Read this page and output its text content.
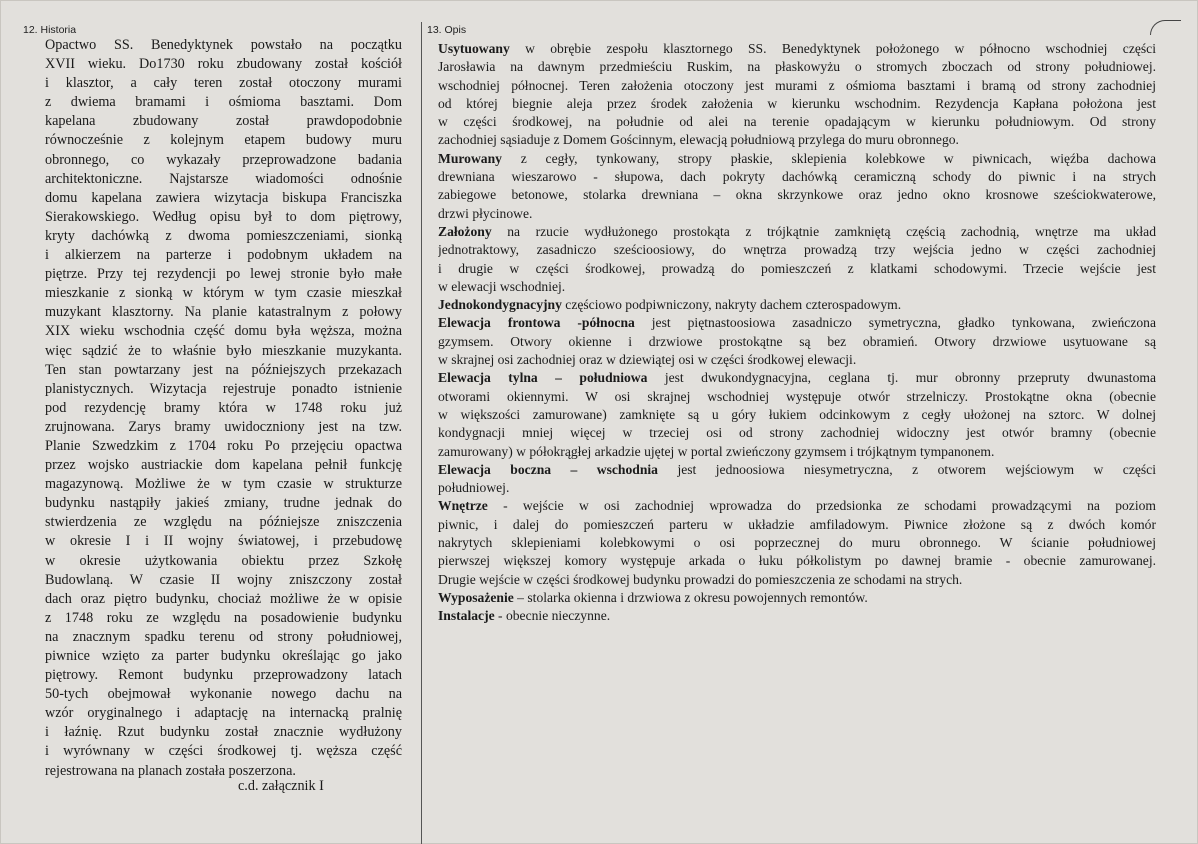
12. Historia	13. Opis
Opactwo SS. Benedyktynek powstało na początku
XVII wieku. Do1730 roku zbudowany został kościół
i klasztor, a cały teren został otoczony murami
z dwiema bramami i ośmioma basztami. Dom
kapelana zbudowany został prawdopodobnie
równocześnie z kolejnym etapem budowy muru
obronnego, co wykazały przeprowadzone badania
architektoniczne. Najstarsze wiadomości odnośnie
domu kapelana zawiera wizytacja biskupa Franciszka
Sierakowskiego. Według opisu był to dom piętrowy,
kryty dachówką z dwoma pomieszczeniami, sionką
i alkierzem na parterze i podobnym układem na
piętrze. Przy tej rezydencji po lewej stronie było małe
mieszkanie z sionką w którym w tym czasie mieszkał
muzykant klasztorny. Na planie katastralnym z połowy
XIX wieku wschodnia część domu była węższa, można
więc sądzić że to właśnie było mieszkanie muzykanta.
Ten stan powtarzany jest na późniejszych przekazach
planistycznych. Wizytacja rejestruje ponadto istnienie
pod rezydencję bramy która w 1748 roku już
zrujnowana. Zarys bramy uwidoczniony jest na tzw.
Planie Szwedzkim z 1704 roku Po przejęciu opactwa
przez wojsko austriackie dom kapelana pełnił funkcję
magazynową. Możliwe że w tym czasie w strukturze
budynku nastąpiły jakieś zmiany, trudne jednak do
stwierdzenia ze względu na późniejsze zniszczenia
w okresie I i II wojny światowej, i przebudowę
w okresie użytkowania obiektu przez Szkołę
Budowlaną. W czasie II wojny zniszczony został
dach oraz piętro budynku, chociaż możliwe że w opisie
z 1748 roku ze względu na posadowienie budynku
na znacznym spadku terenu od strony południowej,
piwnice wzięto za parter budynku określając go jako
piętrowy. Remont budynku przeprowadzony latach
50-tych obejmował wykonanie nowego dachu na
wzór oryginalnego i adaptację na internacką pralnię
i łaźnię. Rzut budynku został znacznie wydłużony
i wyrównany w części środkowej tj. węższa część
rejestrowana na planach została poszerzona.
Usytuowany w obrębie zespołu klasztornego SS. Benedyktynek położonego w północno wschodniej części
Jarosławia na dawnym przedmieściu Ruskim, na płaskowyżu o stromych zboczach od strony południowej.
wschodniej północnej. Teren założenia otoczony jest murami z ośmioma basztami i bramą od strony zachodniej
od której biegnie aleja przez środek założenia w kierunku wschodnim. Rezydencja Kapłana położona jest
w części środkowej, na południe od alei na terenie opadającym w kierunku południowym. Od strony
zachodniej sąsiaduje z Domem Gościnnym, elewacją południową przylega do muru obronnego.
Murowany z cegły, tynkowany, stropy płaskie, sklepienia kolebkowe w piwnicach, więźba dachowa
drewniana wieszarowo - słupowa, dach pokryty dachówką ceramiczną schody do piwnic i na strych
zabiegowe betonowe, stolarka drewniana – okna skrzynkowe oraz jedno okno krosnowe sześciokwaterowe,
drzwi płycinowe.
Założony na rzucie wydłużonego prostokąta z trójkątnie zamkniętą częścią zachodnią, wnętrze ma układ
jednotraktowy, zasadniczo sześcioosiowy, do wnętrza prowadzą trzy wejścia jedno w części zachodniej
i drugie w części środkowej, prowadzą do pomieszczeń z klatkami schodowymi. Trzecie wejście jest
w elewacji wschodniej.
Jednokondygnacyjny częściowo podpiwniczony, nakryty dachem czterospadowym.
Elewacja frontowa -północna jest piętnastoosiowa zasadniczo symetryczna, gładko tynkowana, zwieńczona
gzymsem. Otwory okienne i drzwiowe prostokątne są bez obramień. Otwory drzwiowe usytuowane są
w skrajnej osi zachodniej oraz w dziewiątej osi w części środkowej elewacji.
Elewacja tylna – południowa jest dwukondygnacyjna, ceglana tj. mur obronny przepruty dwunastoma
otworami okiennymi. W osi skrajnej wschodniej występuje otwór strzelniczy. Prostokątne okna (obecnie
w większości zamurowane) zamknięte są u góry łukiem odcinkowym z cegły ułożonej na sztorc. W dolnej
kondygnacji mniej więcej w trzeciej osi od strony zachodniej widoczny jest otwór bramny (obecnie
zamurowany) w półokrągłej arkadzie ujętej w portal zwieńczony gzymsem i trójkątnym tympanonem.
Elewacja boczna – wschodnia jest jednoosiowa niesymetryczna, z otworem wejściowym w części
południowej.
Wnętrze - wejście w osi zachodniej wprowadza do przedsionka ze schodami prowadzącymi na poziom
piwnic, i dalej do pomieszczeń parteru w układzie amfiladowym. Piwnice złożone są z dwóch komór
nakrytych sklepieniami kolebkowymi o osi poprzecznej do muru obronnego. W ścianie południowej
pierwszej większej komory występuje arkada o łuku półkolistym po dawnej bramie - obecnie zamurowanej.
Drugie wejście w części środkowej budynku prowadzi do pomieszczenia ze schodami na strych.
Wyposażenie – stolarka okienna i drzwiowa z okresu powojennych remontów.
Instalacje - obecnie nieczynne.
c.d. załącznik I
